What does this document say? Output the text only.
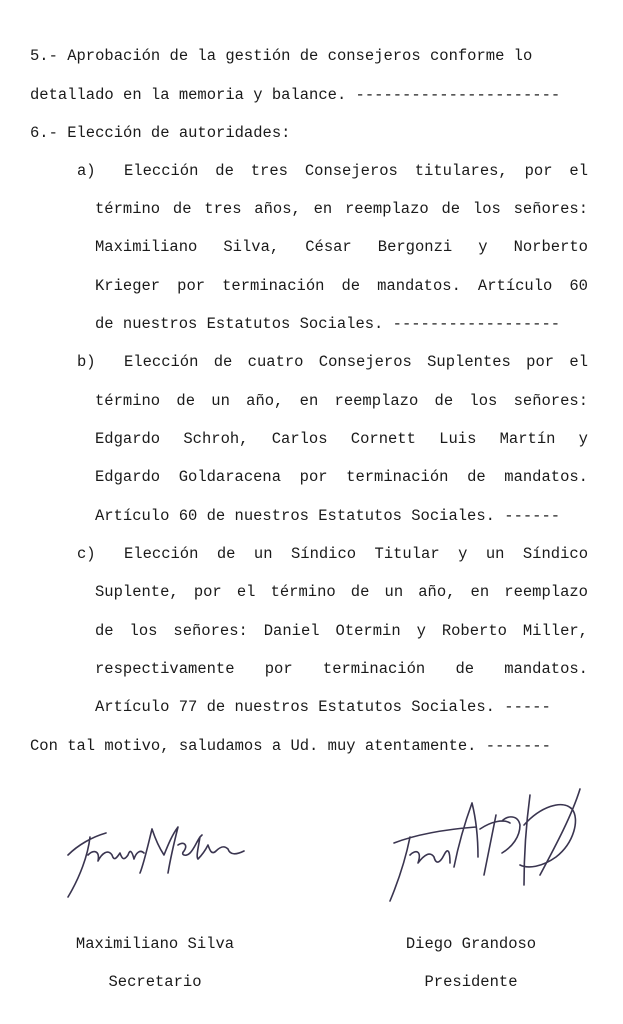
5.- Aprobación de la gestión de consejeros conforme lo
detallado en la memoria y balance. ----------------------
6.- Elección de autoridades:
a) Elección de tres Consejeros titulares, por el
término de tres años, en reemplazo de los señores:
Maximiliano Silva, César Bergonzi y Norberto
Krieger por terminación de mandatos. Artículo 60
de nuestros Estatutos Sociales. ------------------
b) Elección de cuatro Consejeros Suplentes por el
término de un año, en reemplazo de los señores:
Edgardo Schroh, Carlos Cornett Luis Martín y
Edgardo Goldaracena por terminación de mandatos.
Artículo 60 de nuestros Estatutos Sociales. ------
c) Elección de un Síndico Titular y un Síndico
Suplente, por el término de un año, en reemplazo
de los señores: Daniel Otermin y Roberto Miller,
respectivamente por terminación de mandatos.
Artículo 77 de nuestros Estatutos Sociales. -----
Con tal motivo, saludamos a Ud. muy atentamente. -------
Maximiliano Silva
Secretario
Diego Grandoso
Presidente
